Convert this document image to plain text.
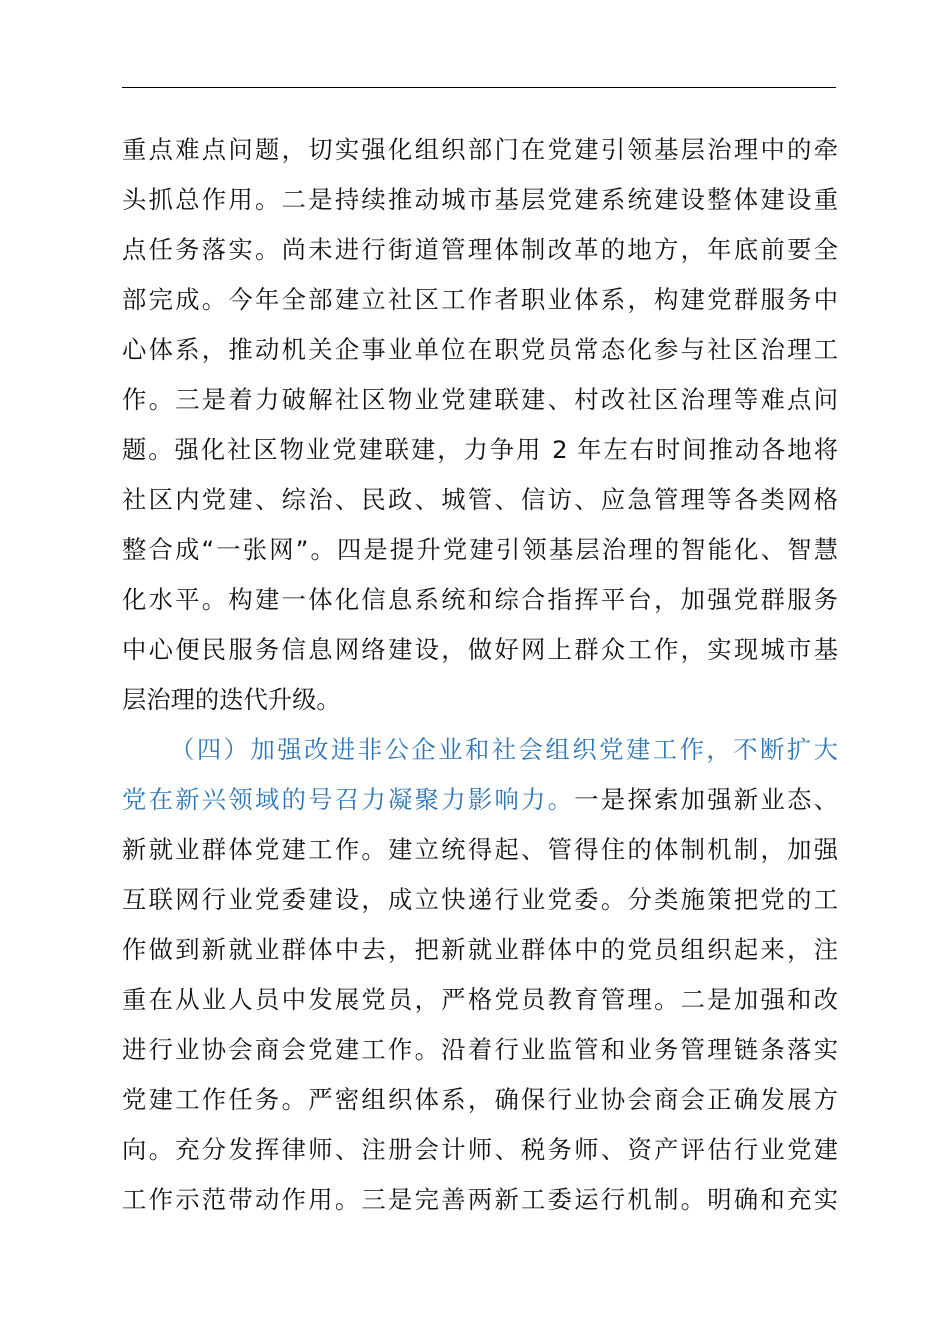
重点难点问题，切实强化组织部门在党建引领基层治理中的牵
头抓总作用。二是持续推动城市基层党建系统建设整体建设重
点任务落实。尚未进行街道管理体制改革的地方，年底前要全
部完成。今年全部建立社区工作者职业体系，构建党群服务中
心体系，推动机关企事业单位在职党员常态化参与社区治理工
作。三是着力破解社区物业党建联建、村改社区治理等难点问
题。强化社区物业党建联建，力争用 2 年左右时间推动各地将
社区内党建、综治、民政、城管、信访、应急管理等各类网格
整合成“一张网”。四是提升党建引领基层治理的智能化、智慧
化水平。构建一体化信息系统和综合指挥平台，加强党群服务
中心便民服务信息网络建设，做好网上群众工作，实现城市基
层治理的迭代升级。
（四）加强改进非公企业和社会组织党建工作，不断扩大
党在新兴领域的号召力凝聚力影响力。一是探索加强新业态、
新就业群体党建工作。建立统得起、管得住的体制机制，加强
互联网行业党委建设，成立快递行业党委。分类施策把党的工
作做到新就业群体中去，把新就业群体中的党员组织起来，注
重在从业人员中发展党员，严格党员教育管理。二是加强和改
进行业协会商会党建工作。沿着行业监管和业务管理链条落实
党建工作任务。严密组织体系，确保行业协会商会正确发展方
向。充分发挥律师、注册会计师、税务师、资产评估行业党建
工作示范带动作用。三是完善两新工委运行机制。明确和充实
